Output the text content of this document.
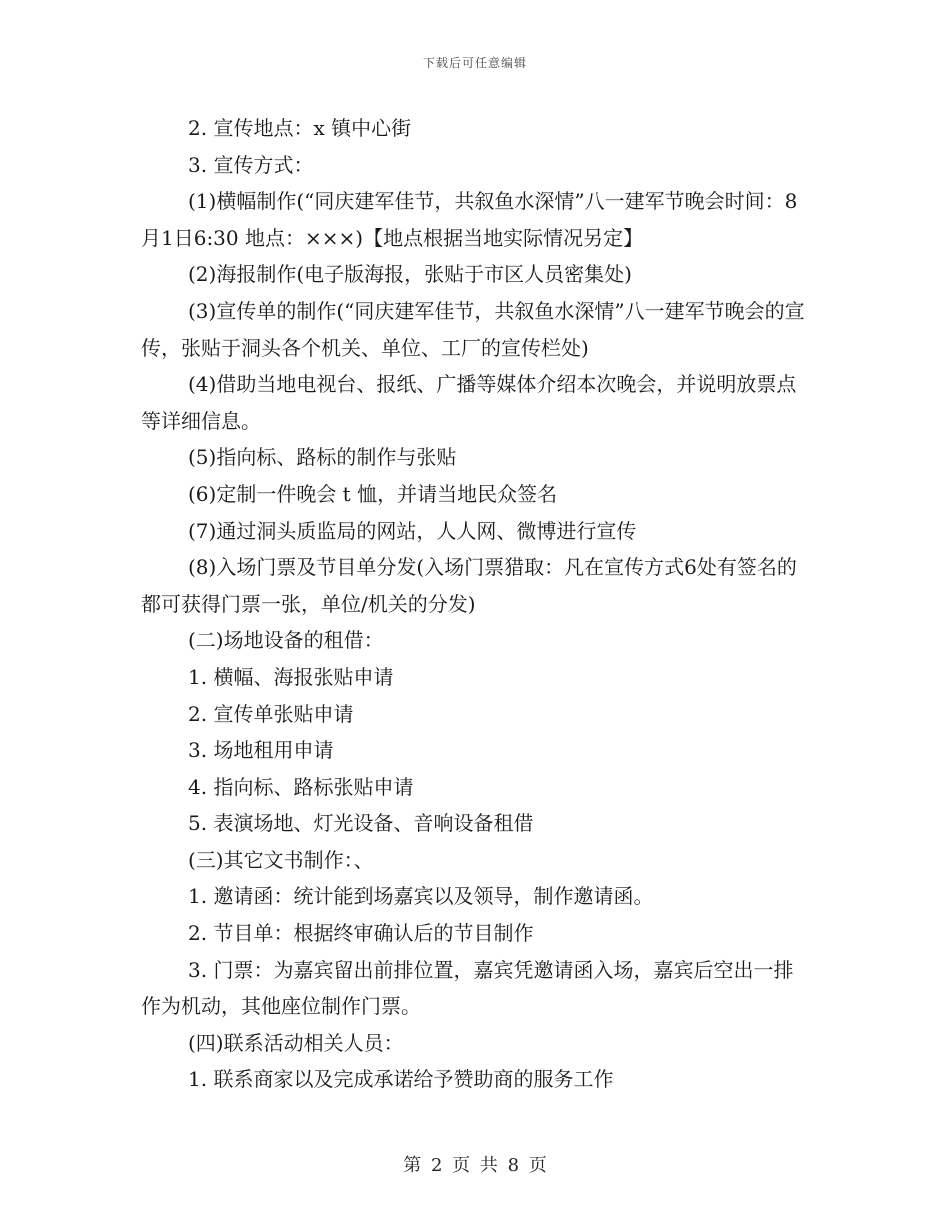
下载后可任意编辑

2. 宣传地点：x 镇中心街

3. 宣传方式：

(1)横幅制作(“同庆建军佳节，共叙鱼水深情”八一建军节晚会时间：8月1日6:30 地点：×××)【地点根据当地实际情况另定】

(2)海报制作(电子版海报，张贴于市区人员密集处)

(3)宣传单的制作(“同庆建军佳节，共叙鱼水深情”八一建军节晚会的宣传，张贴于洞头各个机关、单位、工厂的宣传栏处)

(4)借助当地电视台、报纸、广播等媒体介绍本次晚会，并说明放票点等详细信息。

(5)指向标、路标的制作与张贴

(6)定制一件晚会 t 恤，并请当地民众签名

(7)通过洞头质监局的网站，人人网、微博进行宣传

(8)入场门票及节目单分发(入场门票猎取：凡在宣传方式6处有签名的都可获得门票一张，单位/机关的分发)

(二)场地设备的租借：

1. 横幅、海报张贴申请

2. 宣传单张贴申请

3. 场地租用申请

4. 指向标、路标张贴申请

5. 表演场地、灯光设备、音响设备租借

(三)其它文书制作：、

1. 邀请函：统计能到场嘉宾以及领导，制作邀请函。

2. 节目单：根据终审确认后的节目制作

3. 门票：为嘉宾留出前排位置，嘉宾凭邀请函入场，嘉宾后空出一排作为机动，其他座位制作门票。

(四)联系活动相关人员：

1. 联系商家以及完成承诺给予赞助商的服务工作

第 2 页 共 8 页
